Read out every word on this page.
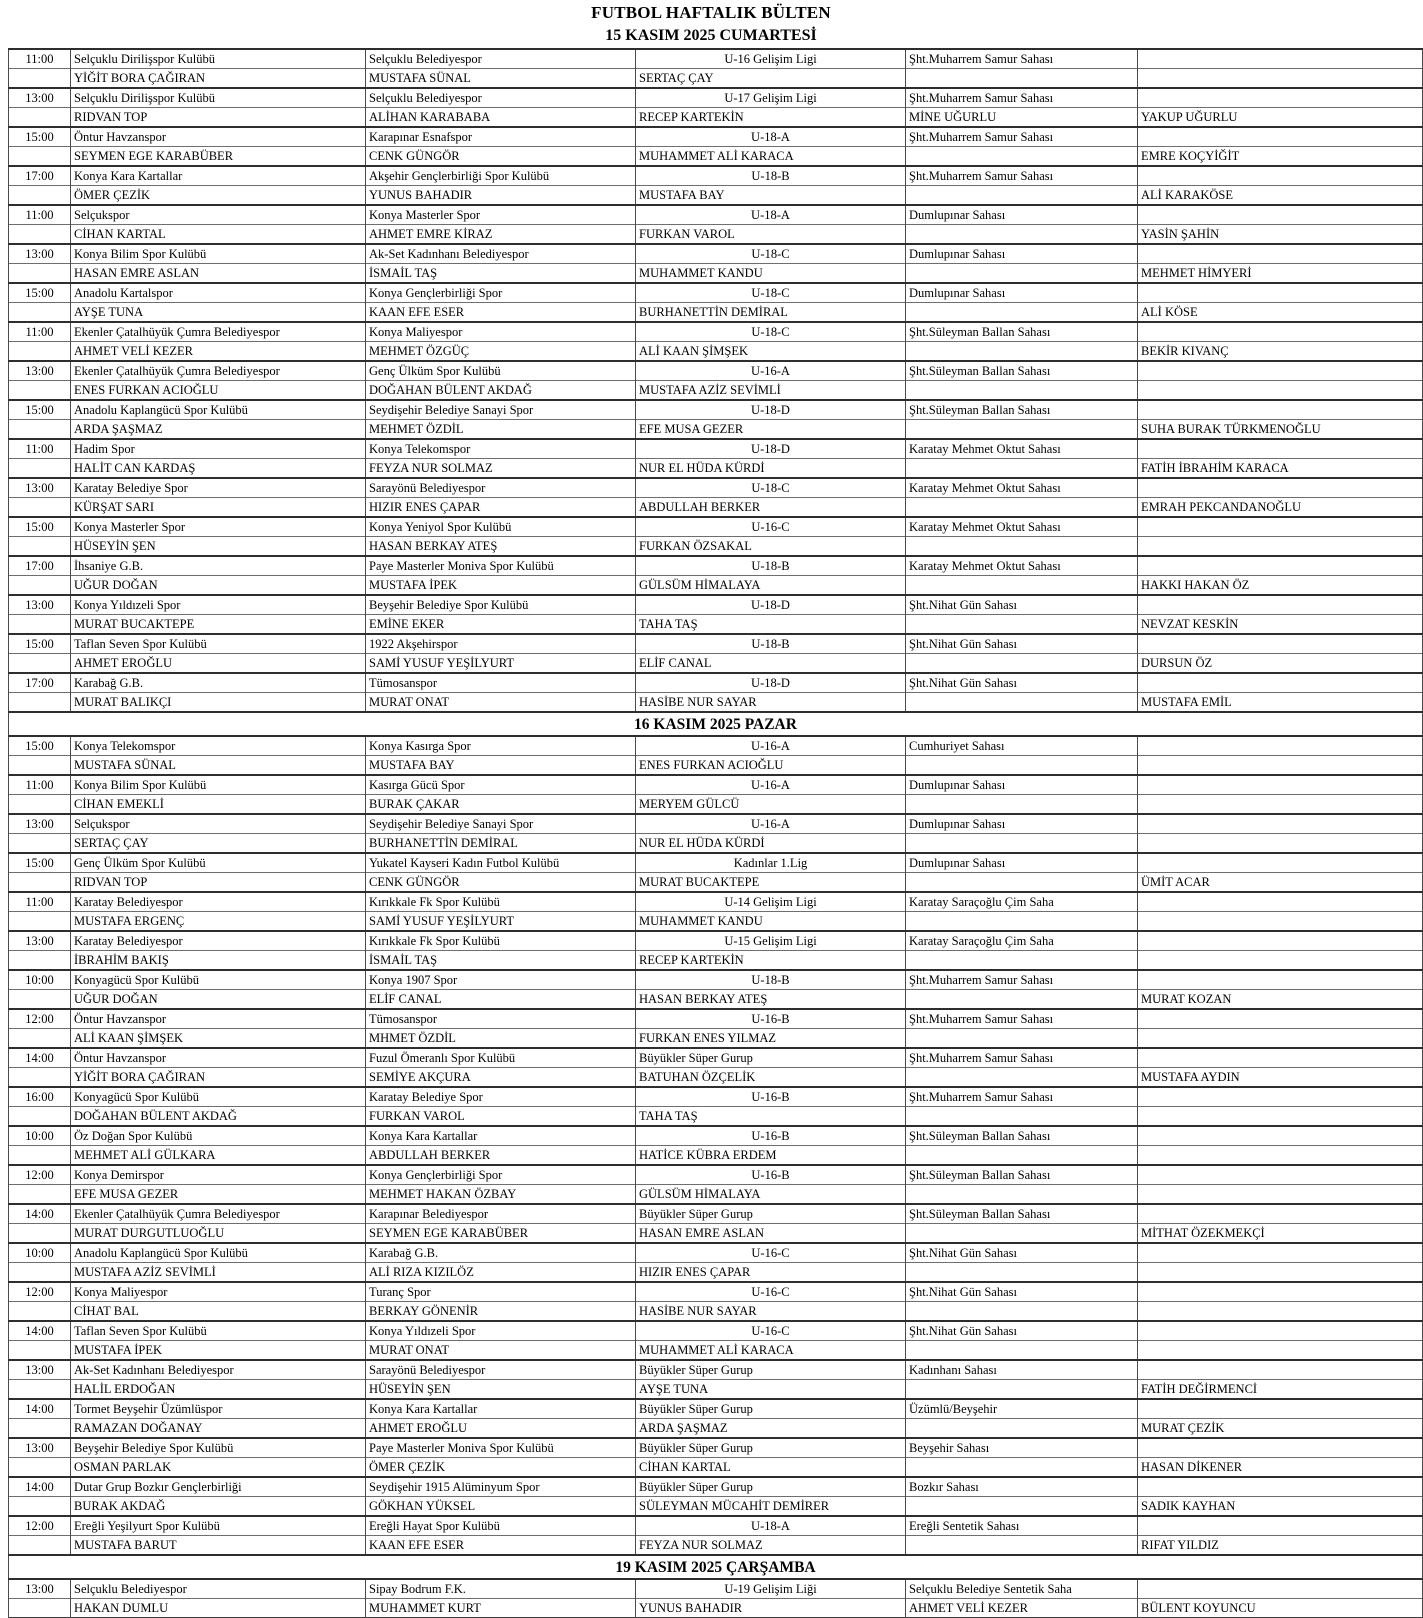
FUTBOL HAFTALIK BÜLTEN
15 KASIM 2025 CUMARTESİ
11:00	Selçuklu Dirilişspor Kulübü	Selçuklu Belediyespor	U-16 Gelişim Ligi	Şht.Muharrem Samur Sahası	
	YİĞİT BORA ÇAĞIRAN	MUSTAFA SÜNAL	SERTAÇ ÇAY		
13:00	Selçuklu Dirilişspor Kulübü	Selçuklu Belediyespor	U-17 Gelişim Ligi	Şht.Muharrem Samur Sahası	
	RIDVAN TOP	ALİHAN KARABABA	RECEP KARTEKİN	MİNE UĞURLU	YAKUP UĞURLU
15:00	Öntur Havzanspor	Karapınar Esnafspor	U-18-A	Şht.Muharrem Samur Sahası	
	SEYMEN EGE KARABÜBER	CENK GÜNGÖR	MUHAMMET ALİ KARACA		EMRE KOÇYİĞİT
17:00	Konya Kara Kartallar	Akşehir Gençlerbirliği Spor Kulübü	U-18-B	Şht.Muharrem Samur Sahası	
	ÖMER ÇEZİK	YUNUS BAHADIR	MUSTAFA BAY		ALİ KARAKÖSE
11:00	Selçukspor	Konya Masterler Spor	U-18-A	Dumlupınar Sahası	
	CİHAN KARTAL	AHMET EMRE KİRAZ	FURKAN VAROL		YASİN ŞAHİN
13:00	Konya Bilim Spor Kulübü	Ak-Set Kadınhanı Belediyespor	U-18-C	Dumlupınar Sahası	
	HASAN EMRE ASLAN	İSMAİL TAŞ	MUHAMMET KANDU		MEHMET HİMYERİ
15:00	Anadolu Kartalspor	Konya Gençlerbirliği Spor	U-18-C	Dumlupınar Sahası	
	AYŞE TUNA	KAAN EFE ESER	BURHANETTİN DEMİRAL		ALİ KÖSE
11:00	Ekenler Çatalhüyük Çumra Belediyespor	Konya Maliyespor	U-18-C	Şht.Süleyman Ballan Sahası	
	AHMET VELİ KEZER	MEHMET ÖZGÜÇ	ALİ KAAN ŞİMŞEK		BEKİR KIVANÇ
13:00	Ekenler Çatalhüyük Çumra Belediyespor	Genç Ülküm Spor Kulübü	U-16-A	Şht.Süleyman Ballan Sahası	
	ENES FURKAN ACIOĞLU	DOĞAHAN BÜLENT AKDAĞ	MUSTAFA AZİZ SEVİMLİ		
15:00	Anadolu Kaplangücü Spor Kulübü	Seydişehir Belediye Sanayi Spor	U-18-D	Şht.Süleyman Ballan Sahası	
	ARDA ŞAŞMAZ	MEHMET ÖZDİL	EFE MUSA GEZER		SUHA BURAK TÜRKMENOĞLU
11:00	Hadim Spor	Konya Telekomspor	U-18-D	Karatay Mehmet Oktut Sahası	
	HALİT CAN KARDAŞ	FEYZA NUR SOLMAZ	NUR EL HÜDA KÜRDİ		FATİH İBRAHİM KARACA
13:00	Karatay Belediye Spor	Sarayönü Belediyespor	U-18-C	Karatay Mehmet Oktut Sahası	
	KÜRŞAT SARI	HIZIR ENES ÇAPAR	ABDULLAH BERKER		EMRAH PEKCANDANOĞLU
15:00	Konya Masterler Spor	Konya Yeniyol Spor Kulübü	U-16-C	Karatay Mehmet Oktut Sahası	
	HÜSEYİN ŞEN	HASAN BERKAY ATEŞ	FURKAN ÖZSAKAL		
17:00	İhsaniye G.B.	Paye Masterler Moniva Spor Kulübü	U-18-B	Karatay Mehmet Oktut Sahası	
	UĞUR DOĞAN	MUSTAFA İPEK	GÜLSÜM HİMALAYA		HAKKI HAKAN ÖZ
13:00	Konya Yıldızeli Spor	Beyşehir Belediye Spor Kulübü	U-18-D	Şht.Nihat Gün Sahası	
	MURAT BUCAKTEPE	EMİNE EKER	TAHA TAŞ		NEVZAT KESKİN
15:00	Taflan Seven Spor Kulübü	1922 Akşehirspor	U-18-B	Şht.Nihat Gün Sahası	
	AHMET EROĞLU	SAMİ YUSUF YEŞİLYURT	ELİF CANAL		DURSUN ÖZ
17:00	Karabağ G.B.	Tümosanspor	U-18-D	Şht.Nihat Gün Sahası	
	MURAT BALIKÇI	MURAT ONAT	HASİBE NUR SAYAR		MUSTAFA EMİL
16 KASIM 2025 PAZAR					
15:00	Konya Telekomspor	Konya Kasırga Spor	U-16-A	Cumhuriyet Sahası	
	MUSTAFA SÜNAL	MUSTAFA BAY	ENES FURKAN ACIOĞLU		
11:00	Konya Bilim Spor Kulübü	Kasırga Gücü Spor	U-16-A	Dumlupınar Sahası	
	CİHAN EMEKLİ	BURAK ÇAKAR	MERYEM GÜLCÜ		
13:00	Selçukspor	Seydişehir Belediye Sanayi Spor	U-16-A	Dumlupınar Sahası	
	SERTAÇ ÇAY	BURHANETTİN DEMİRAL	NUR EL HÜDA KÜRDİ		
15:00	Genç Ülküm Spor Kulübü	Yukatel Kayseri Kadın Futbol Kulübü	Kadınlar 1.Lig	Dumlupınar Sahası	
	RIDVAN TOP	CENK GÜNGÖR	MURAT BUCAKTEPE		ÜMİT ACAR
11:00	Karatay Belediyespor	Kırıkkale Fk Spor Kulübü	U-14 Gelişim Ligi	Karatay Saraçoğlu Çim Saha	
	MUSTAFA ERGENÇ	SAMİ YUSUF YEŞİLYURT	MUHAMMET KANDU		
13:00	Karatay Belediyespor	Kırıkkale Fk Spor Kulübü	U-15 Gelişim Ligi	Karatay Saraçoğlu Çim Saha	
	İBRAHİM BAKIŞ	İSMAİL TAŞ	RECEP KARTEKİN		
10:00	Konyagücü Spor Kulübü	Konya 1907 Spor	U-18-B	Şht.Muharrem Samur Sahası	
	UĞUR DOĞAN	ELİF CANAL	HASAN BERKAY ATEŞ		MURAT KOZAN
12:00	Öntur Havzanspor	Tümosanspor	U-16-B	Şht.Muharrem Samur Sahası	
	ALİ KAAN ŞİMŞEK	MHMET ÖZDİL	FURKAN ENES YILMAZ		
14:00	Öntur Havzanspor	Fuzul Ömeranlı Spor Kulübü	Büyükler Süper Gurup	Şht.Muharrem Samur Sahası	
	YİĞİT BORA ÇAĞIRAN	SEMİYE AKÇURA	BATUHAN ÖZÇELİK		MUSTAFA AYDIN
16:00	Konyagücü Spor Kulübü	Karatay Belediye Spor	U-16-B	Şht.Muharrem Samur Sahası	
	DOĞAHAN BÜLENT AKDAĞ	FURKAN VAROL	TAHA TAŞ		
10:00	Öz Doğan Spor Kulübü	Konya Kara Kartallar	U-16-B	Şht.Süleyman Ballan Sahası	
	MEHMET ALİ GÜLKARA	ABDULLAH BERKER	HATİCE KÜBRA ERDEM		
12:00	Konya Demirspor	Konya Gençlerbirliği Spor	U-16-B	Şht.Süleyman Ballan Sahası	
	EFE MUSA GEZER	MEHMET HAKAN ÖZBAY	GÜLSÜM HİMALAYA		
14:00	Ekenler Çatalhüyük Çumra Belediyespor	Karapınar Belediyespor	Büyükler Süper Gurup	Şht.Süleyman Ballan Sahası	
	MURAT DURGUTLUOĞLU	SEYMEN EGE KARABÜBER	HASAN EMRE ASLAN		MİTHAT ÖZEKMEKÇİ
10:00	Anadolu Kaplangücü Spor Kulübü	Karabağ G.B.	U-16-C	Şht.Nihat Gün Sahası	
	MUSTAFA AZİZ SEVİMLİ	ALİ RIZA KIZILÖZ	HIZIR ENES ÇAPAR		
12:00	Konya Maliyespor	Turanç Spor	U-16-C	Şht.Nihat Gün Sahası	
	CİHAT BAL	BERKAY GÖNENİR	HASİBE NUR SAYAR		
14:00	Taflan Seven Spor Kulübü	Konya Yıldızeli Spor	U-16-C	Şht.Nihat Gün Sahası	
	MUSTAFA İPEK	MURAT ONAT	MUHAMMET ALİ KARACA		
13:00	Ak-Set Kadınhanı Belediyespor	Sarayönü Belediyespor	Büyükler Süper Gurup	Kadınhanı Sahası	
	HALİL ERDOĞAN	HÜSEYİN ŞEN	AYŞE TUNA		FATİH DEĞİRMENCİ
14:00	Tormet Beyşehir Üzümlüspor	Konya Kara Kartallar	Büyükler Süper Gurup	Üzümlü/Beyşehir	
	RAMAZAN DOĞANAY	AHMET EROĞLU	ARDA ŞAŞMAZ		MURAT ÇEZİK
13:00	Beyşehir Belediye Spor Kulübü	Paye Masterler Moniva Spor Kulübü	Büyükler Süper Gurup	Beyşehir Sahası	
	OSMAN PARLAK	ÖMER ÇEZİK	CİHAN KARTAL		HASAN DİKENER
14:00	Dutar Grup Bozkır Gençlerbirliği	Seydişehir 1915 Alüminyum Spor	Büyükler Süper Gurup	Bozkır Sahası	
	BURAK AKDAĞ	GÖKHAN YÜKSEL	SÜLEYMAN MÜCAHİT DEMİRER		SADIK KAYHAN
12:00	Ereğli Yeşilyurt Spor Kulübü	Ereğli Hayat Spor Kulübü	U-18-A	Ereğli Sentetik Sahası	
	MUSTAFA BARUT	KAAN EFE ESER	FEYZA NUR SOLMAZ		RIFAT YILDIZ
19 KASIM 2025 ÇARŞAMBA					
13:00	Selçuklu Belediyespor	Sipay Bodrum F.K.	U-19 Gelişim Liği	Selçuklu Belediye Sentetik Saha	
	HAKAN DUMLU	MUHAMMET KURT	YUNUS BAHADIR	AHMET VELİ KEZER	BÜLENT KOYUNCU
